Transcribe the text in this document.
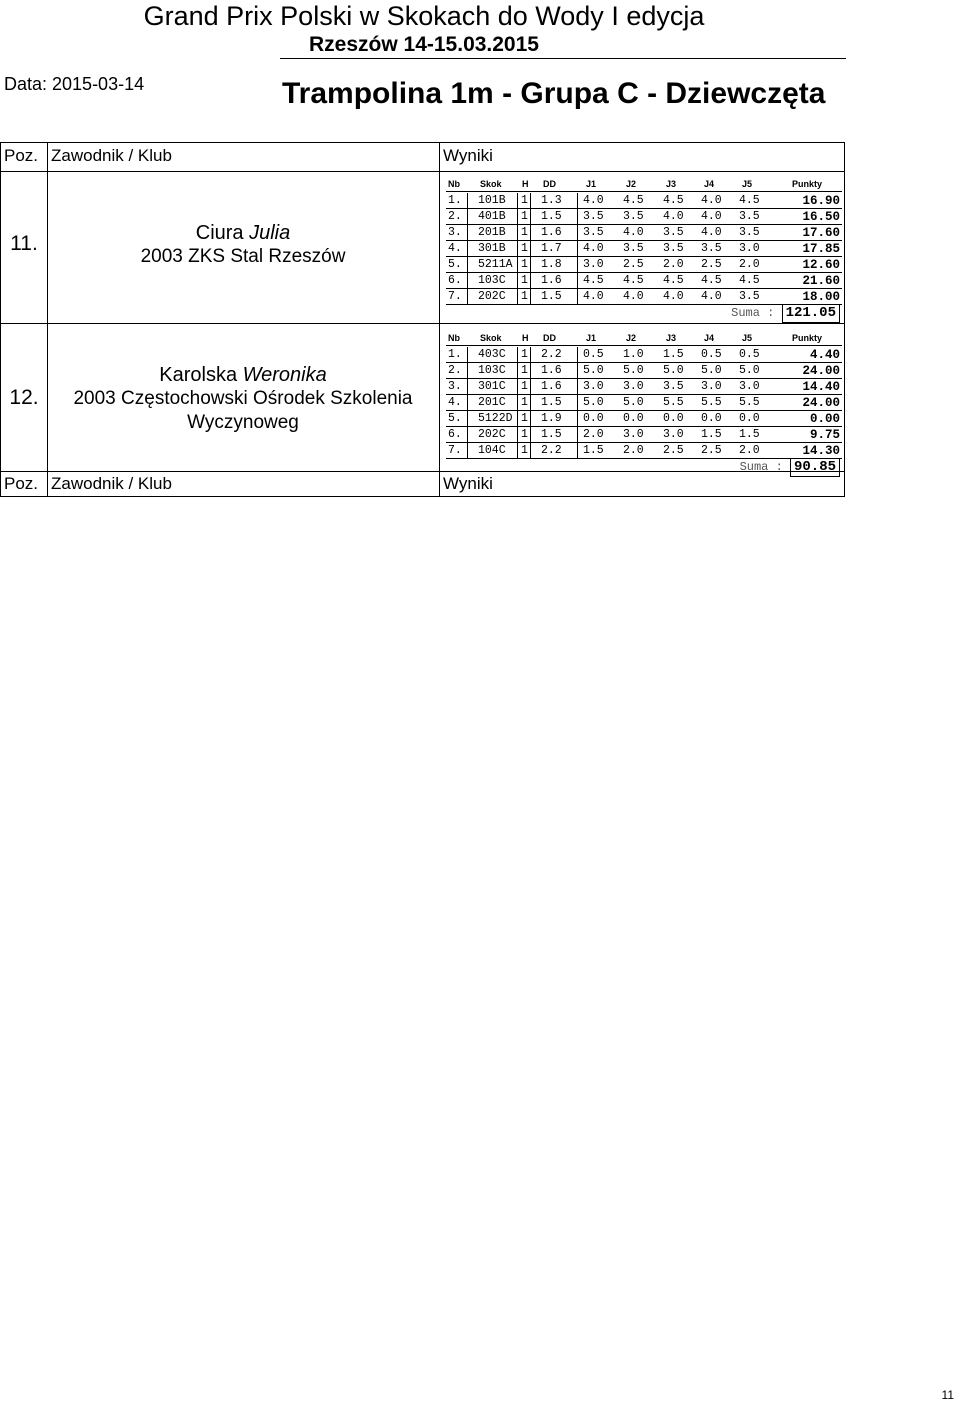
Grand Prix Polski w Skokach do Wody I edycja
Rzeszów 14-15.03.2015
Data: 2015-03-14	Trampolina 1m - Grupa C - Dziewczęta
Poz. Zawodnik / Klub	Wyniki
Poz. Zawodnik / Klub	Wyniki
11.	Ciura Julia
2003 ZKS Stal Rzeszów
Nb Skok H DD	J1	J2	J3	J4	J5	Punkty
1. 101B 1 1.3 4.0 4.5 4.5 4.0 4.5	16.90
2. 401B 1 1.5 3.5 3.5 4.0 4.0 3.5	16.50
3. 201B 1 1.6 3.5 4.0 3.5 4.0 3.5	17.60
4. 301B 1 1.7 4.0 3.5 3.5 3.5 3.0	17.85
5. 5211A 1 1.8 3.0 2.5 2.0 2.5 2.0	12.60
6. 103C 1 1.6 4.5 4.5 4.5 4.5 4.5	21.60
7. 202C 1 1.5 4.0 4.0 4.0 4.0 3.5	18.00
Suma : 121.05
12.
Karolska Weronika
2003 Częstochowski Ośrodek Szkolenia
Wyczynoweg
Nb Skok H DD	J1	J2	J3	J4	J5	Punkty
1. 403C 1 2.2 0.5 1.0 1.5 0.5 0.5	4.40
2. 103C 1 1.6 5.0 5.0 5.0 5.0 5.0	24.00
3. 301C 1 1.6 3.0 3.0 3.5 3.0 3.0	14.40
4. 201C 1 1.5 5.0 5.0 5.5 5.5 5.5	24.00
5. 5122D 1 1.9 0.0 0.0 0.0 0.0 0.0	0.00
6. 202C 1 1.5 2.0 3.0 3.0 1.5 1.5	9.75
7. 104C 1 2.2 1.5 2.0 2.5 2.5 2.0	14.30
Suma : 90.85
11
